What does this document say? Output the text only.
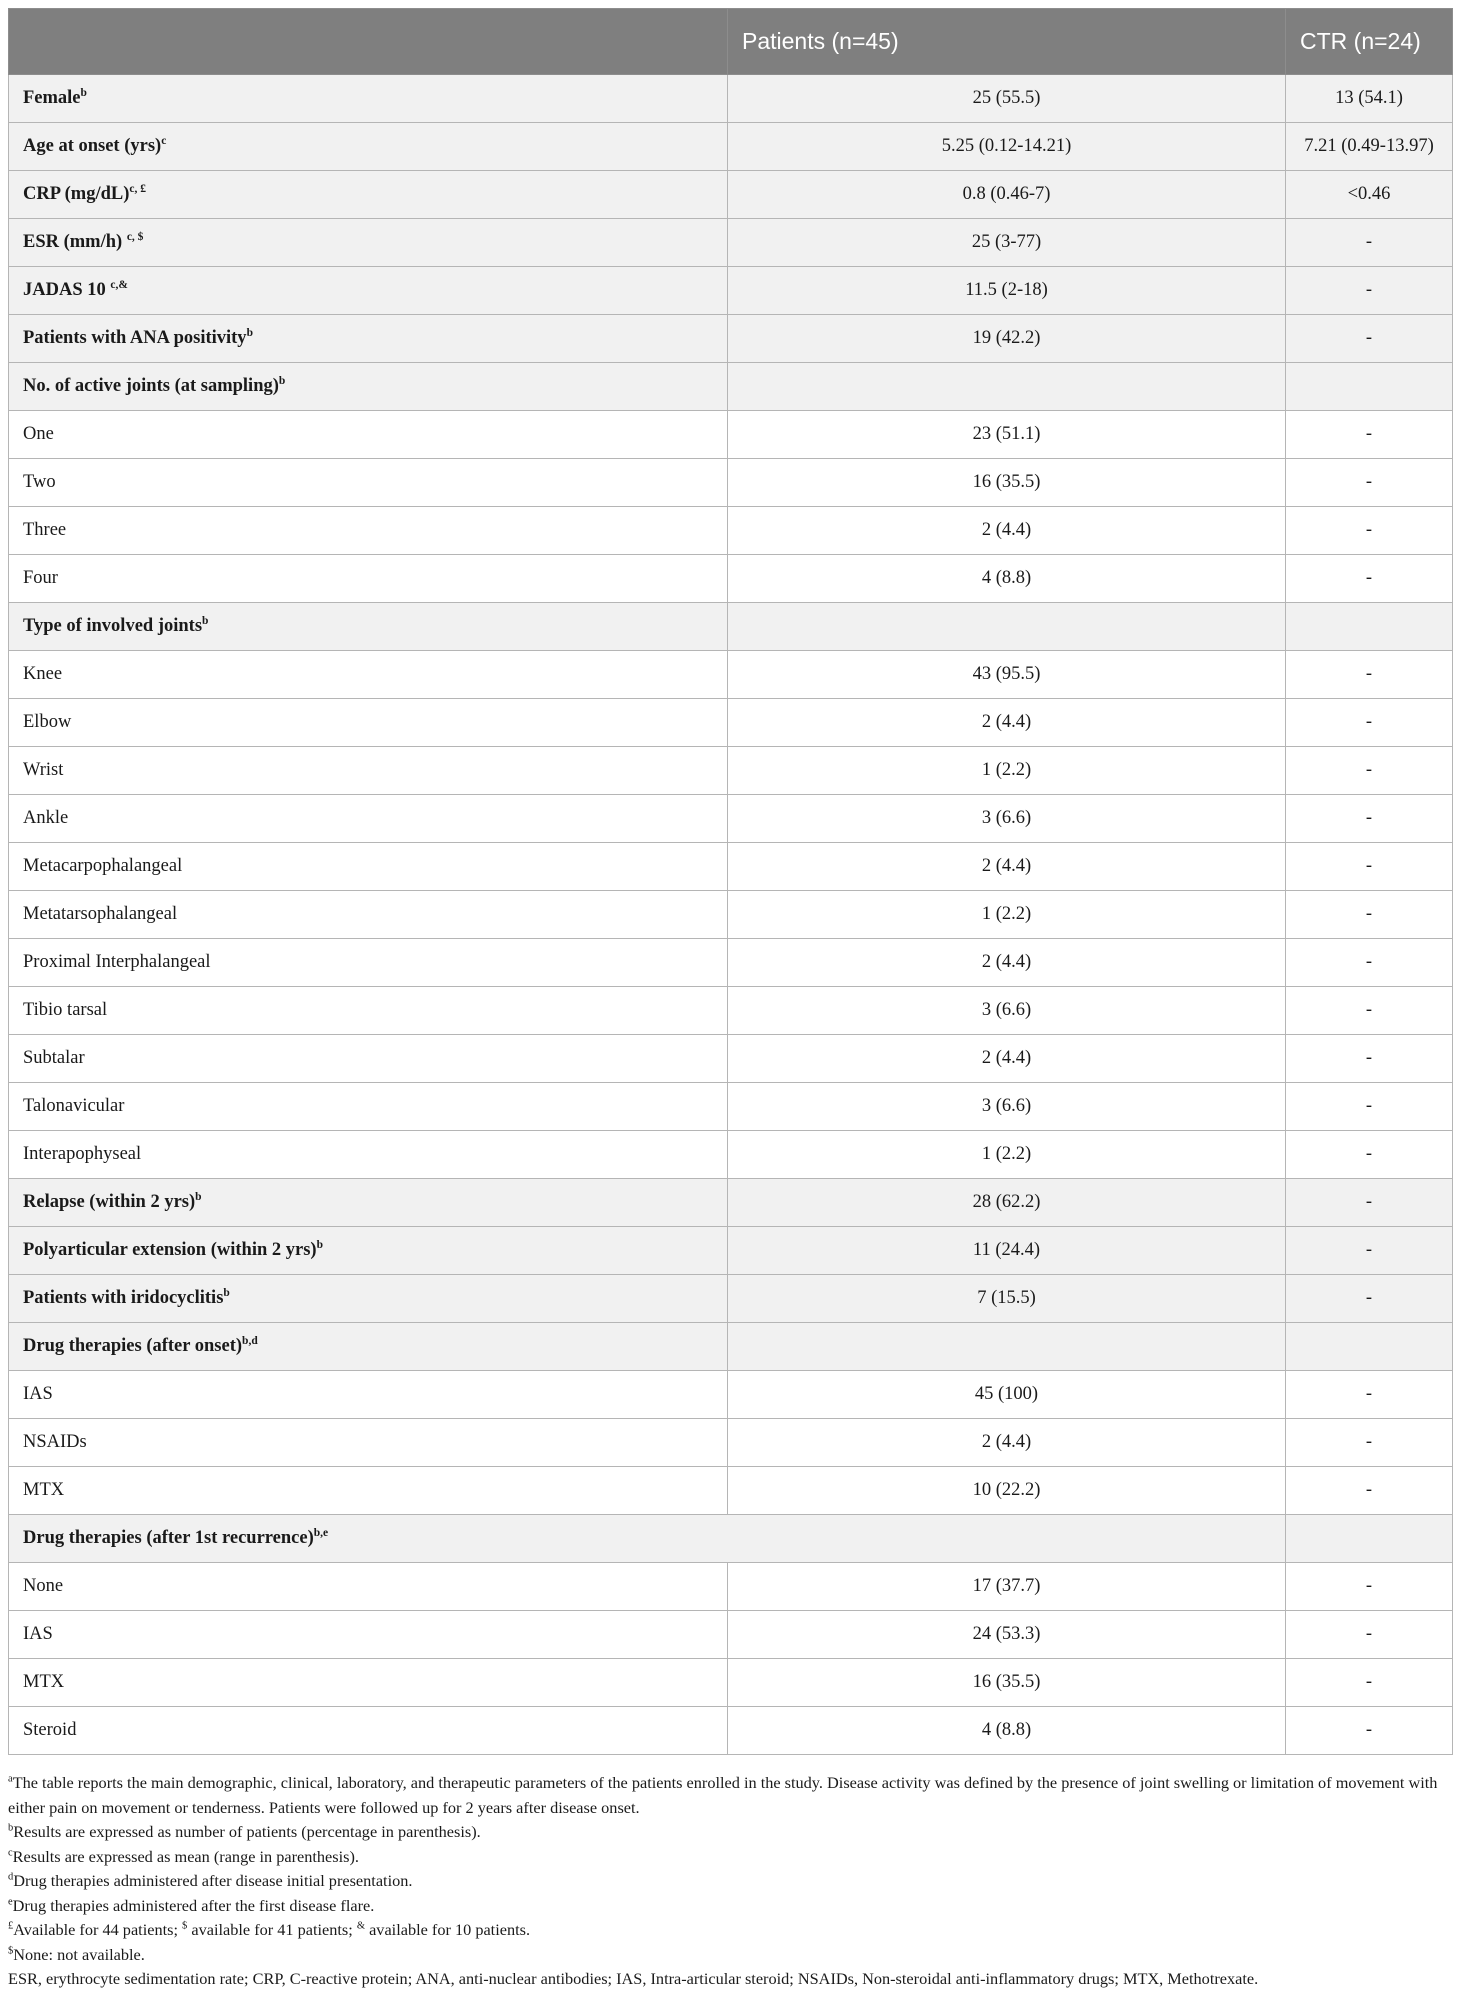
	Patients (n=45)	CTR (n=24)
Female$^b$	25 (55.5)	13 (54.1)
Age at onset (yrs)$^c$	5.25 (0.12-14.21)	7.21 (0.49-13.97)
CRP $(mg/dL)^{c, £}$	0.8 (0.46-7)	<0.46
ESR (mm/h) $^{c, \$}$	25 (3-77)	-
JADAS 10 $^{c,\&}$	11.5 (2-18)	-
Patients with ANA positivity$^b$	19 (42.2)	-
No. of active joints (at sampling)$^b$		
One	23 (51.1)	-
Two	16 (35.5)	-
Three	2 (4.4)	-
Four	4 (8.8)	-
Type of involved joints$^b$		
Knee	43 (95.5)	-
Elbow	2 (4.4)	-
Wrist	1 (2.2)	-
Ankle	3 (6.6)	-
Metacarpophalangeal	2 (4.4)	-
Metatarsophalangeal	1 (2.2)	-
Proximal Interphalangeal	2 (4.4)	-
Tibio tarsal	3 (6.6)	-
Subtalar	2 (4.4)	-
Talonavicular	3 (6.6)	-
Interapophyseal	1 (2.2)	-
Relapse (within 2 yrs)$^b$	28 (62.2)	-
Polyarticular extension (within 2 yrs)$^b$	11 (24.4)	-
Patients with iridocyclitis$^b$	7 (15.5)	-
Drug therapies (after onset)$^{b,d}$		
IAS	45 (100)	-
NSAIDs	2 (4.4)	-
MTX	10 (22.2)	-
Drug therapies (after 1st recurrence)$^{b,e}$	
None	17 (37.7)	-
IAS	24 (53.3)	-
MTX	16 (35.5)	-
Steroid	4 (8.8)	-

$^a$The table reports the main demographic, clinical, laboratory, and therapeutic parameters of the patients enrolled in the study. Disease activity was defined by the presence of joint swelling or limitation of movement with either pain on movement or tenderness. Patients were followed up for 2 years after disease onset.

$^b$Results are expressed as number of patients (percentage in parenthesis).

$^c$Results are expressed as mean (range in parenthesis).

$^d$Drug therapies administered after disease initial presentation.

$^e$Drug therapies administered after the first disease flare.

£Available for 44 patients; $ available for 41 patients; & available for 10 patients.

$None: not available.

ESR, erythrocyte sedimentation rate; CRP, C-reactive protein; ANA, anti-nuclear antibodies; IAS, Intra-articular steroid; NSAIDs, Non-steroidal anti-inflammatory drugs; MTX, Methotrexate.
